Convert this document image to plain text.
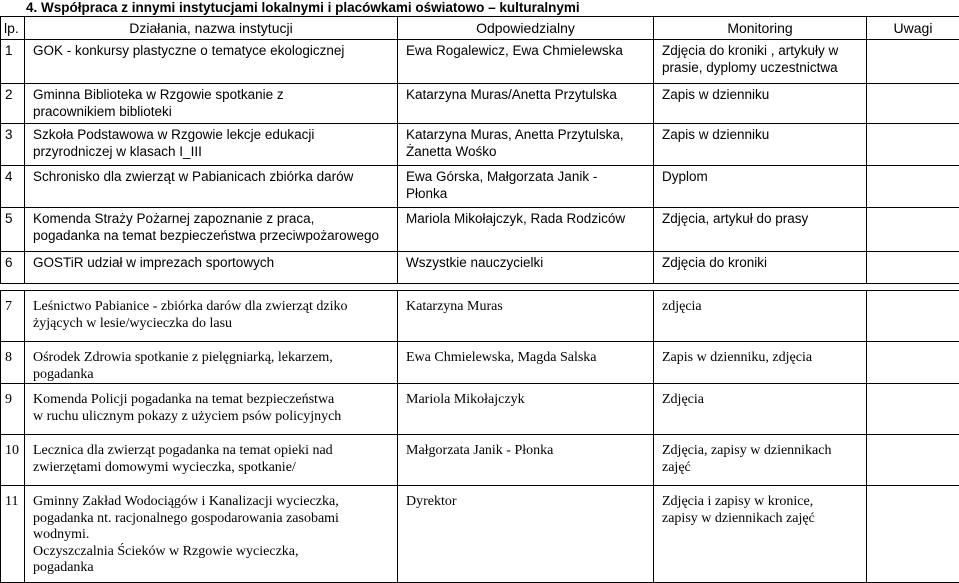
4. Współpraca z innymi instytucjami lokalnymi i placówkami oświatowo – kulturalnymi
lp.	Działania, nazwa instytucji	Odpowiedzialny	Monitoring	Uwagi
1	GOK - konkursy plastyczne o tematyce ekologicznej	Ewa Rogalewicz, Ewa Chmielewska	Zdjęcia do kroniki , artykuły w
prasie, dyplomy uczestnictwa	

2	Gminna Biblioteka w Rzgowie spotkanie z
pracownikiem biblioteki	Katarzyna Muras/Anetta Przytulska	Zapis w dzienniku	

3	Szkoła Podstawowa w Rzgowie lekcje edukacji
przyrodniczej w klasach I_III	Katarzyna Muras, Anetta Przytulska,
Żanetta Wośko	Zapis w dzienniku	

4	Schronisko dla zwierząt w Pabianicach zbiórka darów	Ewa Górska, Małgorzata Janik -
Płonka	Dyplom	

5	Komenda Straży Pożarnej zapoznanie z praca,
pogadanka na temat bezpieczeństwa przeciwpożarowego	Mariola Mikołajczyk, Rada Rodziców	Zdjęcia, artykuł do prasy	

6	GOSTiR udział w imprezach sportowych	Wszystkie nauczycielki	Zdjęcia do kroniki	

7	Leśnictwo Pabianice - zbiórka darów dla zwierząt dziko
żyjących w lesie/wycieczka do lasu	Katarzyna Muras	zdjęcia	

8	Ośrodek Zdrowia spotkanie z pielęgniarką, lekarzem,
pogadanka	Ewa Chmielewska, Magda Salska	Zapis w dzienniku, zdjęcia	

9	Komenda Policji pogadanka na temat bezpieczeństwa
w ruchu ulicznym pokazy z użyciem psów policyjnych	Mariola Mikołajczyk	Zdjęcia	

10	Lecznica dla zwierząt pogadanka na temat opieki nad
zwierzętami domowymi wycieczka, spotkanie/	Małgorzata Janik - Płonka	Zdjęcia, zapisy w dziennikach
zajęć	

11	Gminny Zakład Wodociągów i Kanalizacji wycieczka,
pogadanka nt. racjonalnego gospodarowania zasobami
wodnymi.
Oczyszczalnia Ścieków w Rzgowie wycieczka,
pogadanka	Dyrektor	Zdjęcia i zapisy w kronice,
zapisy w dziennikach zajęć	
